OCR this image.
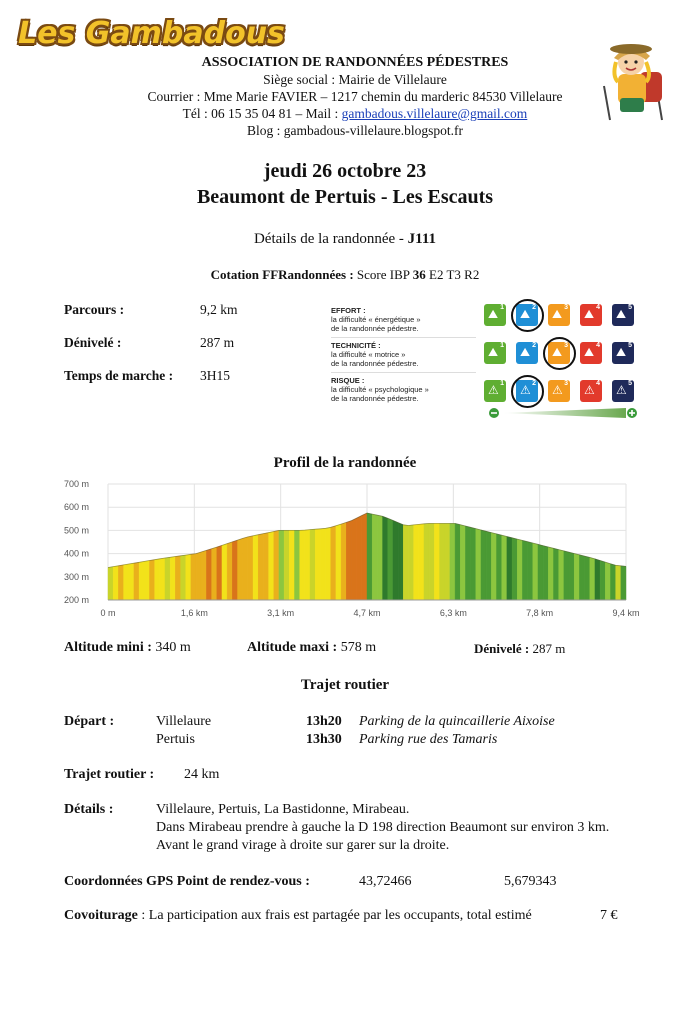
Les Gambadous
ASSOCIATION DE RANDONNÉES PÉDESTRES
Siège social : Mairie de Villelaure
Courrier : Mme Marie FAVIER – 1217 chemin du marderic 84530 Villelaure
Tél : 06 15 35 04 81 – Mail : gambadous.villelaure@gmail.com
Blog : gambadous-villelaure.blogspot.fr
jeudi 26 octobre 23
Beaumont de Pertuis - Les Escauts
Détails de la randonnée - J111
Cotation FFRandonnées : Score IBP 36 E2 T3 R2
Parcours :	9,2 km
Dénivelé :	287 m
Temps de marche : 3H15
EFFORT :
la difficulté « énergétique »
de la randonnée pédestre.
TECHNICITÉ :
la difficulté « motrice »
de la randonnée pédestre.
RISQUE :
la difficulté « psychologique »
de la randonnée pédestre.
1
⛰	2
⛰	3
⛰	4
⛰	5
⛰
1
⛰	2
⛰	3
⛰	4
⛰	5
⛰
1
⚠	2
⚠	3
⚠	4
⚠	5
⚠
Profil de la randonnée
700 m
600 m
500 m
400 m
300 m
200 m
0 m	1,6 km	3,1 km	4,7 km	6,3 km	7,8 km	9,4 km
Altitude mini : 340 m	Altitude maxi : 578 m	Dénivelé : 287 m
Trajet routier
Départ :	Villelaure	13h20 Parking de la quincaillerie Aixoise
Pertuis	13h30 Parking rue des Tamaris
Trajet routier : 24 km
Détails :	Villelaure, Pertuis, La Bastidonne, Mirabeau.
Dans Mirabeau prendre à gauche la D 198 direction Beaumont sur environ 3 km.
Avant le grand virage à droite sur garer sur la droite.
Coordonnées GPS Point de rendez-vous :	43,72466	5,679343
Covoiturage : La participation aux frais est partagée par les occupants, total estimé	7 €
